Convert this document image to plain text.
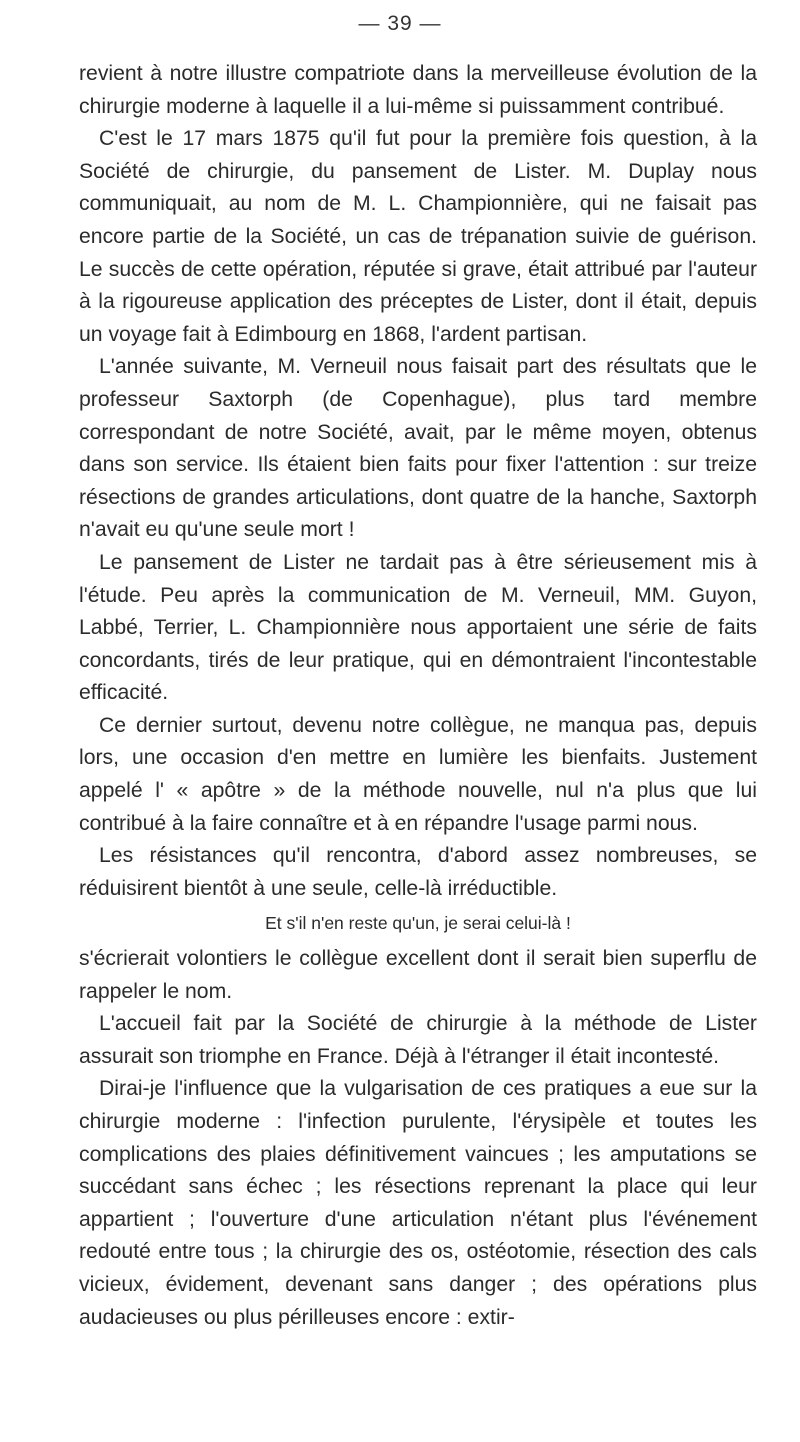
— 39 —

revient à notre illustre compatriote dans la merveilleuse évolution de la chirurgie moderne à laquelle il a lui-même si puissamment contribué.

C'est le 17 mars 1875 qu'il fut pour la première fois question, à la Société de chirurgie, du pansement de Lister. M. Duplay nous communiquait, au nom de M. L. Championnière, qui ne faisait pas encore partie de la Société, un cas de trépanation suivie de guérison. Le succès de cette opération, réputée si grave, était attribué par l'auteur à la rigoureuse application des préceptes de Lister, dont il était, depuis un voyage fait à Edimbourg en 1868, l'ardent partisan.

L'année suivante, M. Verneuil nous faisait part des résultats que le professeur Saxtorph (de Copenhague), plus tard membre correspondant de notre Société, avait, par le même moyen, obtenus dans son service. Ils étaient bien faits pour fixer l'attention : sur treize résections de grandes articulations, dont quatre de la hanche, Saxtorph n'avait eu qu'une seule mort !

Le pansement de Lister ne tardait pas à être sérieusement mis à l'étude. Peu après la communication de M. Verneuil, MM. Guyon, Labbé, Terrier, L. Championnière nous apportaient une série de faits concordants, tirés de leur pratique, qui en démontraient l'incontestable efficacité.

Ce dernier surtout, devenu notre collègue, ne manqua pas, depuis lors, une occasion d'en mettre en lumière les bienfaits. Justement appelé l' « apôtre » de la méthode nouvelle, nul n'a plus que lui contribué à la faire connaître et à en répandre l'usage parmi nous.

Les résistances qu'il rencontra, d'abord assez nombreuses, se réduisirent bientôt à une seule, celle-là irréductible.

Et s'il n'en reste qu'un, je serai celui-là !

s'écrierait volontiers le collègue excellent dont il serait bien superflu de rappeler le nom.

L'accueil fait par la Société de chirurgie à la méthode de Lister assurait son triomphe en France. Déjà à l'étranger il était incontesté.

Dirai-je l'influence que la vulgarisation de ces pratiques a eue sur la chirurgie moderne : l'infection purulente, l'érysipèle et toutes les complications des plaies définitivement vaincues ; les amputations se succédant sans échec ; les résections reprenant la place qui leur appartient ; l'ouverture d'une articulation n'étant plus l'événement redouté entre tous ; la chirurgie des os, ostéotomie, résection des cals vicieux, évidement, devenant sans danger ; des opérations plus audacieuses ou plus périlleuses encore : extir-
